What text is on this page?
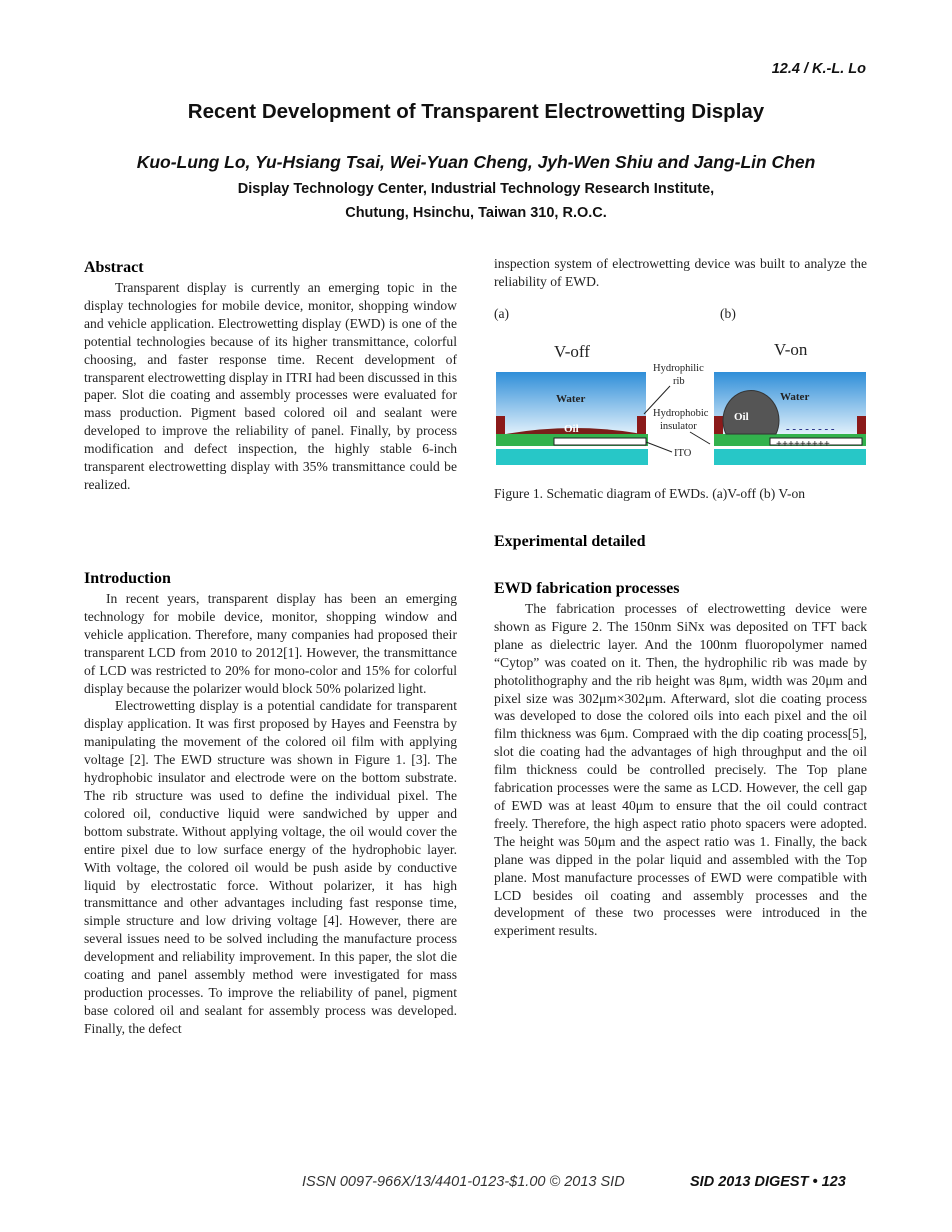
12.4 / K.-L. Lo
Recent Development of Transparent Electrowetting Display
Kuo-Lung Lo, Yu-Hsiang Tsai, Wei-Yuan Cheng, Jyh-Wen Shiu and Jang-Lin Chen
Display Technology Center, Industrial Technology Research Institute,
Chutung, Hsinchu, Taiwan 310, R.O.C.
Abstract

Transparent display is currently an emerging topic in the display technologies for mobile device, monitor, shopping window and vehicle application. Electrowetting display (EWD) is one of the potential technologies because of its higher transmittance, colorful choosing, and faster response time. Recent development of transparent electrowetting display in ITRI had been discussed in this paper. Slot die coating and assembly processes were evaluated for mass production. Pigment based colored oil and sealant were developed to improve the reliability of panel. Finally, by process modification and defect inspection, the highly stable 6-inch transparent electrowetting display with 35% transmittance could be realized.

Introduction

In recent years, transparent display has been an emerging technology for mobile device, monitor, shopping window and vehicle application. Therefore, many companies had proposed their transparent LCD from 2010 to 2012[1]. However, the transmittance of LCD was restricted to 20% for mono-color and 15% for colorful display because the polarizer would block 50% polarized light.

Electrowetting display is a potential candidate for transparent display application. It was first proposed by Hayes and Feenstra by manipulating the movement of the colored oil film with applying voltage [2]. The EWD structure was shown in Figure 1. [3]. The hydrophobic insulator and electrode were on the bottom substrate. The rib structure was used to define the individual pixel. The colored oil, conductive liquid were sandwiched by upper and bottom substrate. Without applying voltage, the oil would cover the entire pixel due to low surface energy of the hydrophobic layer. With voltage, the colored oil would be push aside by conductive liquid by electrostatic force. Without polarizer, it has high transmittance and other advantages including fast response time, simple structure and low driving voltage [4]. However, there are several issues need to be solved including the manufacture process development and reliability improvement. In this paper, the slot die coating and panel assembly method were investigated for mass production processes. To improve the reliability of panel, pigment base colored oil and sealant for assembly process was developed. Finally, the defect

inspection system of electrowetting device was built to analyze the reliability of EWD.

(a)	(b)
V-off
Water
Oil
Hydrophilic
rib
Hydrophobic
insulator
ITO
V-on
Water
Oil
- - - - - - - -
+++++++++
Figure 1. Schematic diagram of EWDs. (a)V-off (b) V-on
Experimental detailed
EWD fabrication processes

The fabrication processes of electrowetting device were shown as Figure 2. The 150nm SiNx was deposited on TFT back plane as dielectric layer. And the 100nm fluoropolymer named “Cytop” was coated on it. Then, the hydrophilic rib was made by photolithography and the rib height was 8μm, width was 20μm and pixel size was 302μm×302μm. Afterward, slot die coating process was developed to dose the colored oils into each pixel and the oil film thickness was 6μm. Compraed with the dip coating process[5], slot die coating had the advantages of high throughput and the oil film thickness could be controlled precisely. The Top plane fabrication processes were the same as LCD. However, the cell gap of EWD was at least 40μm to ensure that the oil could contract freely. Therefore, the high aspect ratio photo spacers were adopted. The height was 50μm and the aspect ratio was 1. Finally, the back plane was dipped in the polar liquid and assembled with the Top plane. Most manufacture processes of EWD were compatible with LCD besides oil coating and assembly processes and the development of these two processes were introduced in the experiment results.

ISSN 0097-966X/13/4401-0123-$1.00 © 2013 SID	SID 2013 DIGEST • 123
